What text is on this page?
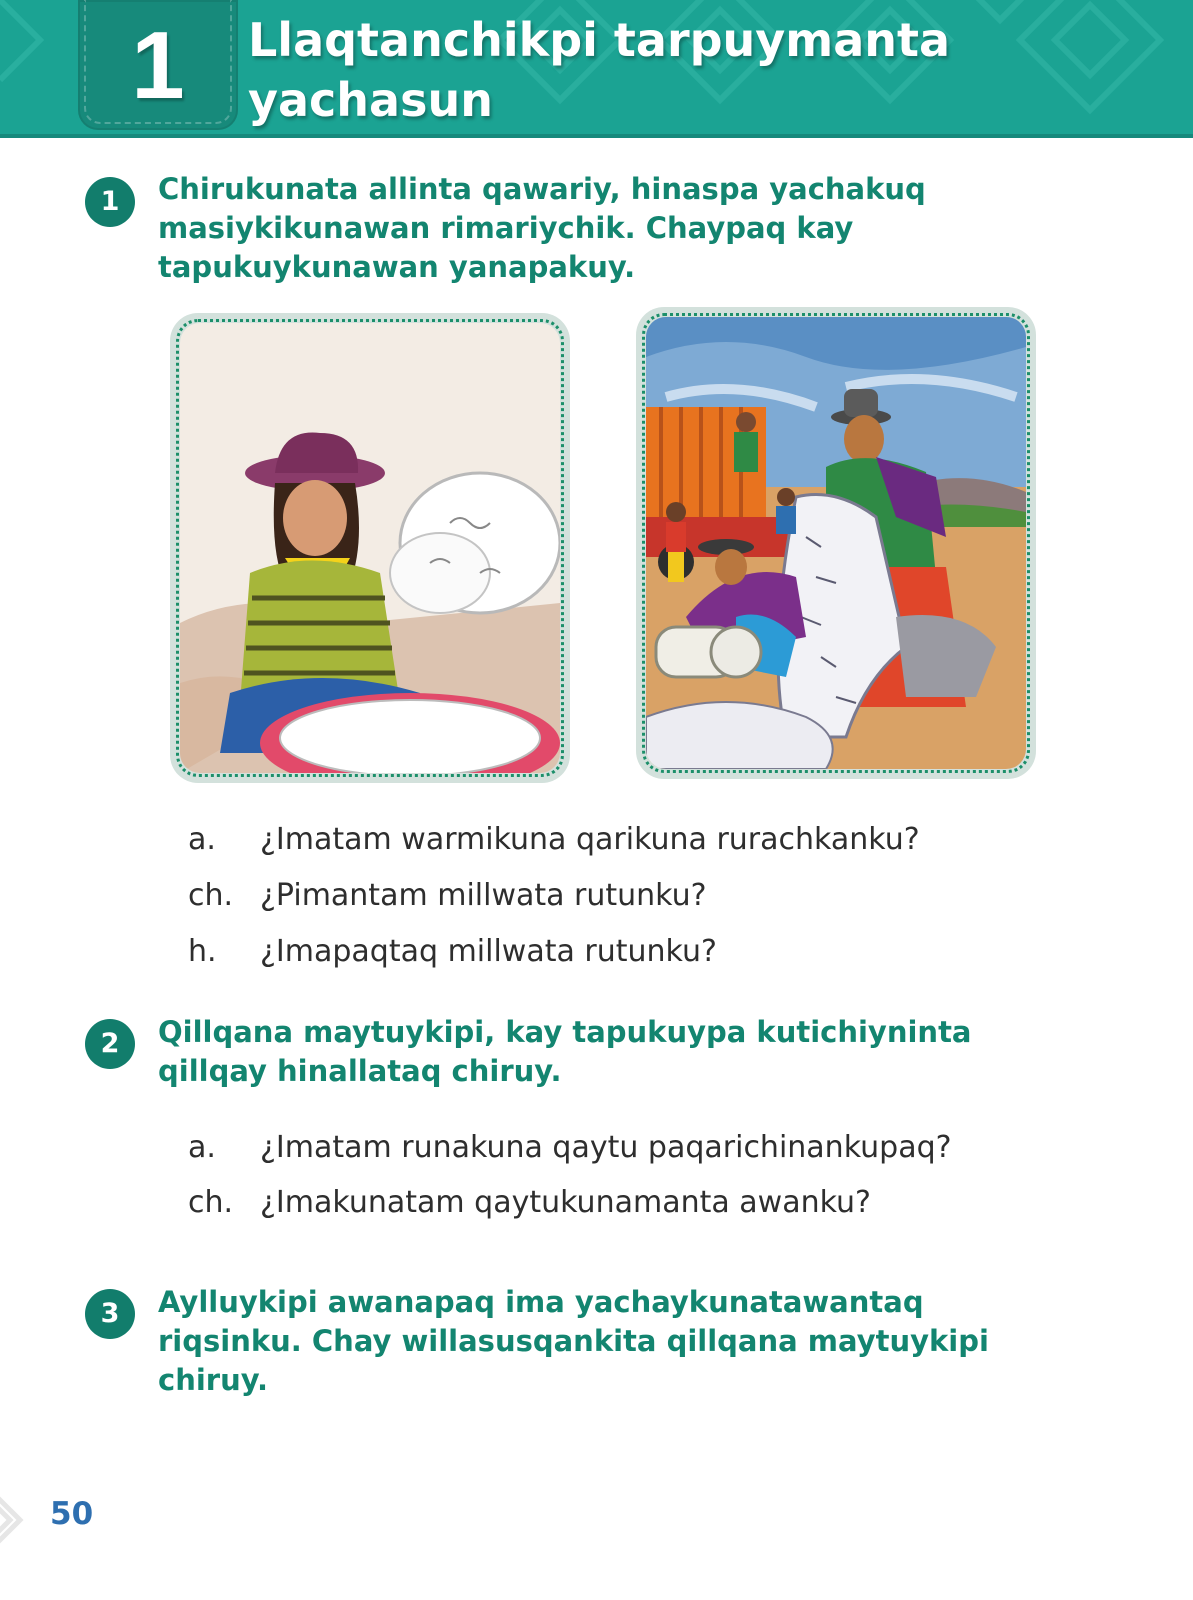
1	Llaqtanchikpi tarpuymanta
yachasun
1	Chirukunata allinta qawariy, hinaspa yachakuq
masiykikunawan rimariychik. Chaypaq kay
tapukuykunawan yanapakuy.
a. ¿Imatam warmikuna qarikuna rurachkanku?
ch. ¿Pimantam millwata rutunku?
h. ¿Imapaqtaq millwata rutunku?
2	Qillqana maytuykipi, kay tapukuypa kutichiyninta
qillqay hinallataq chiruy.
a. ¿Imatam runakuna qaytu paqarichinankupaq?
ch. ¿Imakunatam qaytukunamanta awanku?
3	Aylluykipi awanapaq ima yachaykunatawantaq
riqsinku. Chay willasusqankita qillqana maytuykipi
chiruy.
50
